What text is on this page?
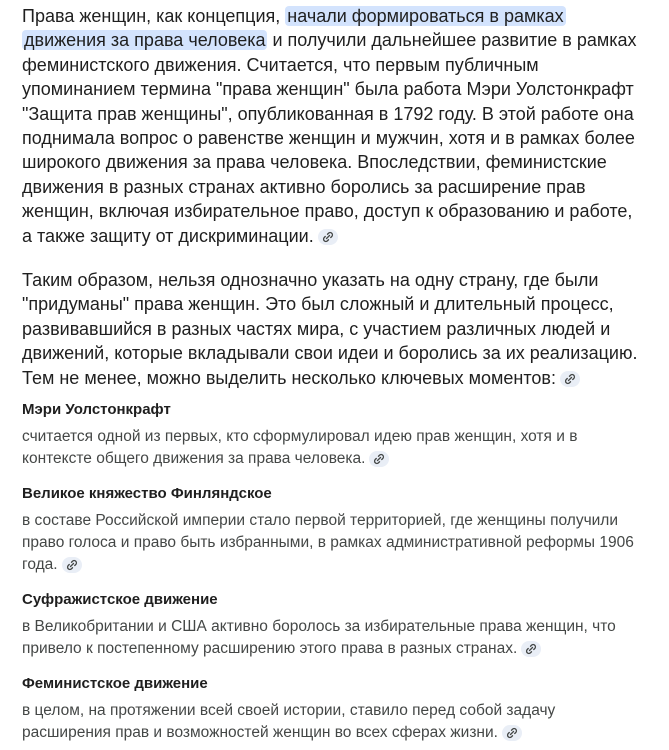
Права женщин, как концепция, начали формироваться в рамках движения за права человека и получили дальнейшее развитие в рамках феминистского движения. Считается, что первым публичным упоминанием термина "права женщин" была работа Мэри Уолстонкрафт "Защита прав женщины", опубликованная в 1792 году. В этой работе она поднимала вопрос о равенстве женщин и мужчин, хотя и в рамках более широкого движения за права человека. Впоследствии, феминистские движения в разных странах активно боролись за расширение прав женщин, включая избирательное право, доступ к образованию и работе, а также защиту от дискриминации.

Таким образом, нельзя однозначно указать на одну страну, где были "придуманы" права женщин. Это был сложный и длительный процесс, развивавшийся в разных частях мира, с участием различных людей и движений, которые вкладывали свои идеи и боролись за их реализацию. Тем не менее, можно выделить несколько ключевых моментов:

Мэри Уолстонкрафт

считается одной из первых, кто сформулировал идею прав женщин, хотя и в контексте общего движения за права человека.

Великое княжество Финляндское

в составе Российской империи стало первой территорией, где женщины получили право голоса и право быть избранными, в рамках административной реформы 1906 года.

Суфражистское движение

в Великобритании и США активно боролось за избирательные права женщин, что привело к постепенному расширению этого права в разных странах.

Феминистское движение

в целом, на протяжении всей своей истории, ставило перед собой задачу расширения прав и возможностей женщин во всех сферах жизни.
